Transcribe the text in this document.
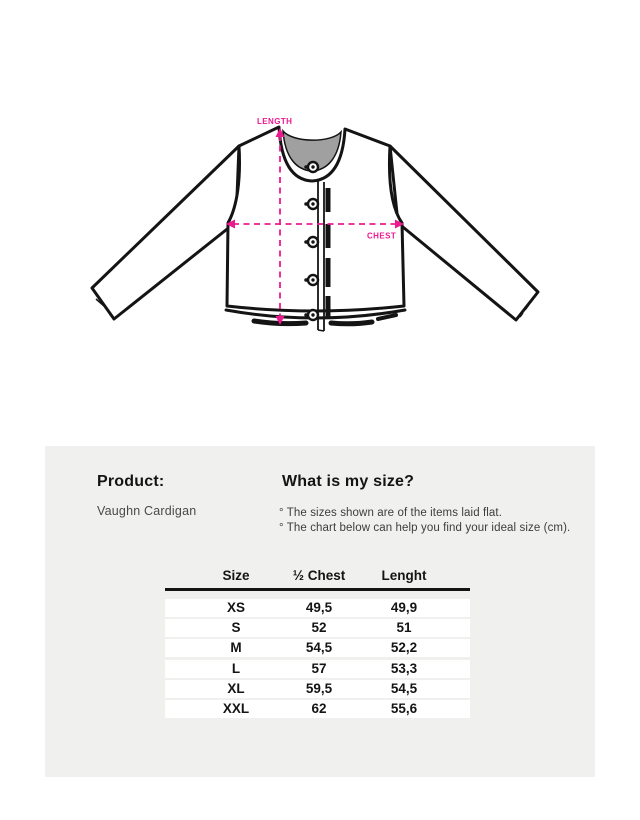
LENGTH
CHEST
Product:
Vaughn Cardigan
What is my size?
° The sizes shown are of the items laid flat.
° The chart below can help you find your ideal size (cm).
Size	½ Chest	Lenght
XS	49,5	49,9
S	52	51
M	54,5	52,2
L	57	53,3
XL	59,5	54,5
XXL	62	55,6
